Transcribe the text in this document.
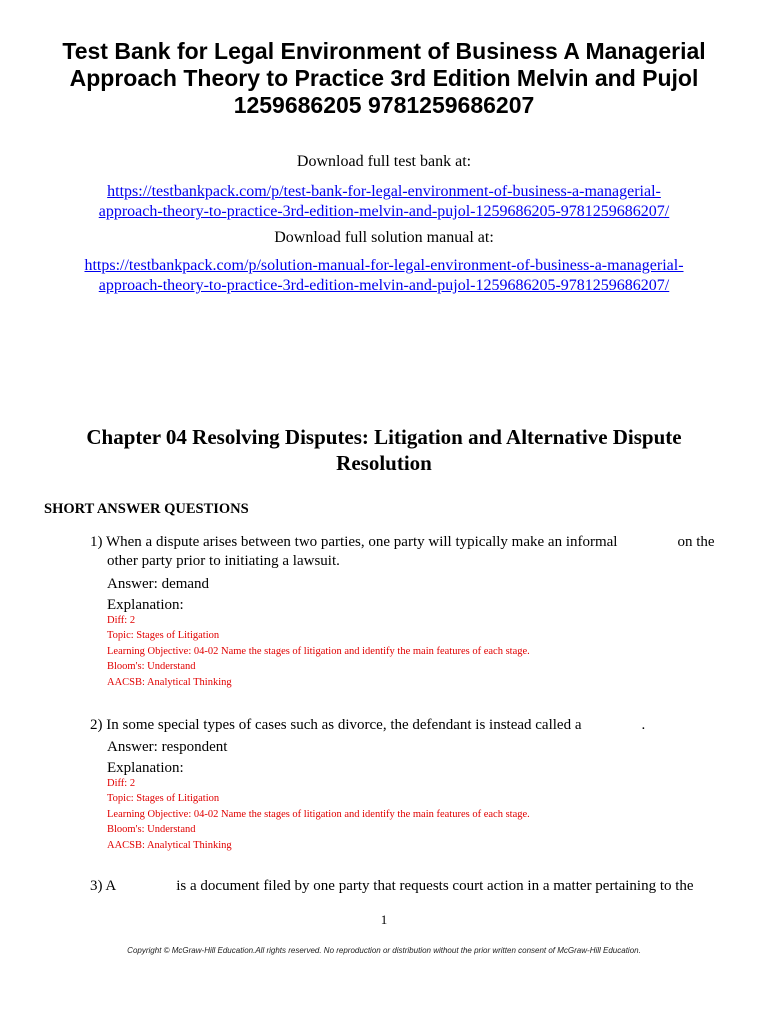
Test Bank for Legal Environment of Business A Managerial Approach Theory to Practice 3rd Edition Melvin and Pujol 1259686205 9781259686207
Download full test bank at:
https://testbankpack.com/p/test-bank-for-legal-environment-of-business-a-managerial-
approach-theory-to-practice-3rd-edition-melvin-and-pujol-1259686205-9781259686207/
Download full solution manual at:
https://testbankpack.com/p/solution-manual-for-legal-environment-of-business-a-managerial-
approach-theory-to-practice-3rd-edition-melvin-and-pujol-1259686205-9781259686207/
Chapter 04 Resolving Disputes: Litigation and Alternative Dispute Resolution
SHORT ANSWER QUESTIONS
1) When a dispute arises between two parties, one party will typically make an informal	on the other party prior to initiating a lawsuit.
Answer: demand
Explanation:
Diff: 2
Topic: Stages of Litigation
Learning Objective: 04-02 Name the stages of litigation and identify the main features of each stage.
Bloom's: Understand
AACSB: Analytical Thinking
2) In some special types of cases such as divorce, the defendant is instead called a	.
Answer: respondent
Explanation:
Diff: 2
Topic: Stages of Litigation
Learning Objective: 04-02 Name the stages of litigation and identify the main features of each stage.
Bloom's: Understand
AACSB: Analytical Thinking
3) A	is a document filed by one party that requests court action in a matter pertaining to the
1
Copyright © McGraw-Hill Education.All rights reserved. No reproduction or distribution without the prior written consent of McGraw-Hill Education.
